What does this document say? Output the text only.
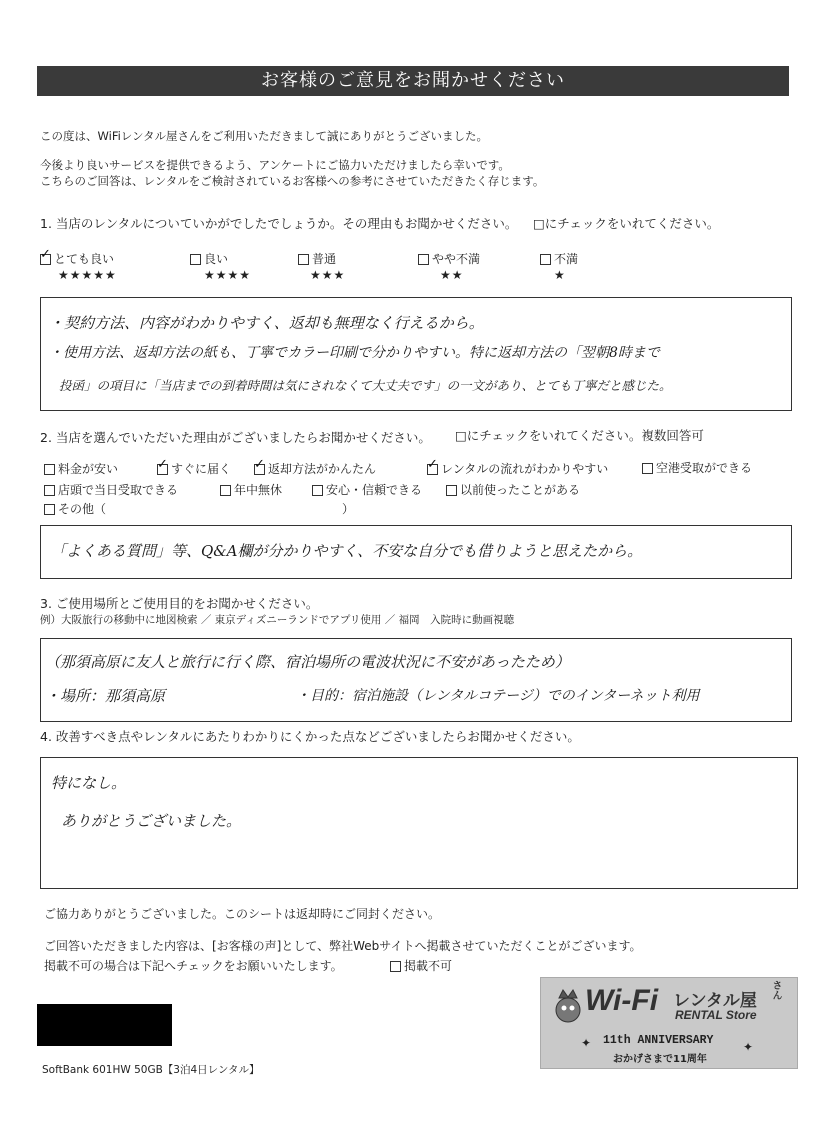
お客様のご意見をお聞かせください
この度は、WiFiレンタル屋さんをご利用いただきまして誠にありがとうございました。
今後より良いサービスを提供できるよう、アンケートにご協力いただけましたら幸いです。
こちらのご回答は、レンタルをご検討されているお客様への参考にさせていただきたく存じます。
1. 当店のレンタルについていかがでしたでしょうか。その理由もお聞かせください。 □にチェックをいれてください。
✓とても良い
★★★★★
良い
★★★★
普通
★★★
やや不満
★★
不満
★
・契約方法、内容がわかりやすく、返却も無理なく行えるから。
・使用方法、返却方法の紙も、丁寧でカラー印刷で分かりやすい。特に返却方法の「翌朝8時まで
投函」の項目に「当店までの到着時間は気にされなくて大丈夫です」の一文があり、とても丁寧だと感じた。
2. 当店を選んでいただいた理由がございましたらお聞かせください。 □にチェックをいれてください。複数回答可
料金が安い ✓	すぐに届く ✓	返却方法がかんたん ✓	レンタルの流れがわかりやすい	空港受取ができる
店頭で当日受取できる	年中無休	安心・信頼できる	以前使ったことがある
その他（	）
「よくある質問」等、Q&A欄が分かりやすく、不安な自分でも借りようと思えたから。
3. ご使用場所とご使用目的をお聞かせください。
例）大阪旅行の移動中に地図検索 ／ 東京ディズニーランドでアプリ使用 ／ 福岡　入院時に動画視聴
（那須高原に友人と旅行に行く際、宿泊場所の電波状況に不安があったため）
・場所：那須高原	・目的：宿泊施設（レンタルコテージ）でのインターネット利用
4. 改善すべき点やレンタルにあたりわかりにくかった点などございましたらお聞かせください。
特になし。
ありがとうございました。
ご協力ありがとうございました。このシートは返却時にご同封ください。
ご回答いただきました内容は、[お客様の声]として、弊社Webサイトへ掲載させていただくことがございます。
掲載不可の場合は下記へチェックをお願いいたします。	掲載不可
SoftBank 601HW 50GB【3泊4日レンタル】
Wi-Fi レンタル屋
さん
RENTAL Store
11th ANNIVERSARY
おかげさまで11周年
✦	✦
